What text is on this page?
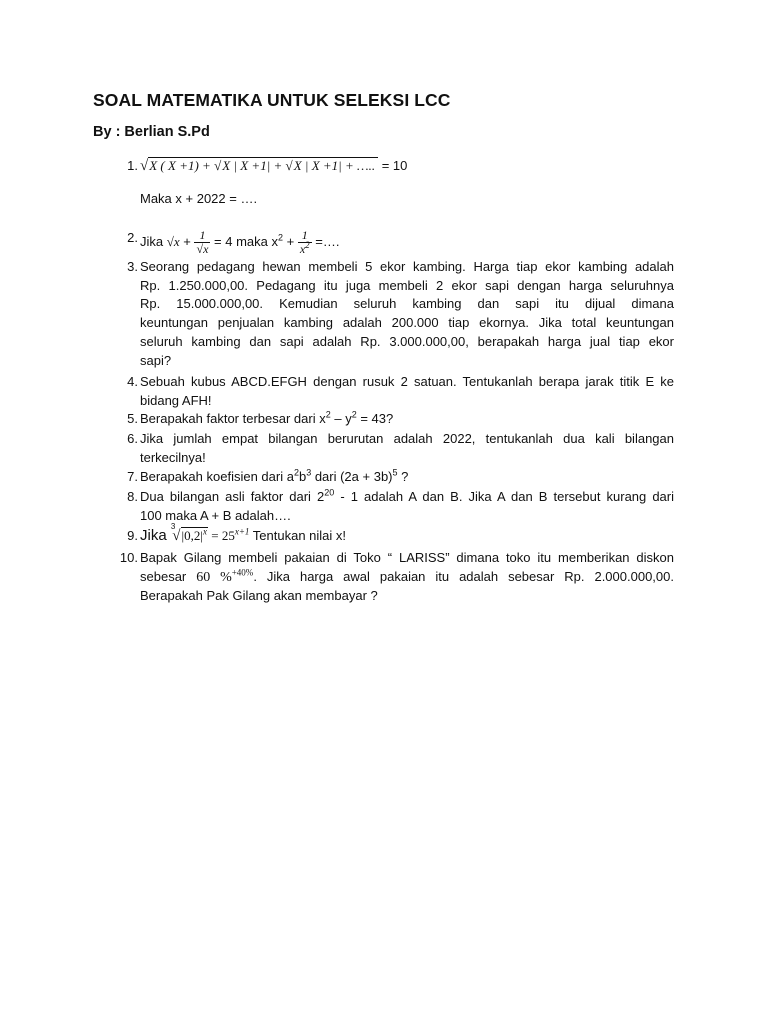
SOAL MATEMATIKA UNTUK SELEKSI LCC
By : Berlian S.Pd
1. √X ( X +1) + √X | X +1| + √X | X +1| + ….. = 10
Maka x + 2022 = ….
2. Jika $√x + \frac{1}{√x} = 4$ maka $x^2 + \frac{1}{x^2}$ =….
3. Seorang pedagang hewan membeli 5 ekor kambing. Harga tiap ekor kambing adalah
Rp. 1.250.000,00. Pedagang itu juga membeli 2 ekor sapi dengan harga seluruhnya
Rp. 15.000.000,00. Kemudian seluruh kambing dan sapi itu dijual dimana
keuntungan penjualan kambing adalah 200.000 tiap ekornya. Jika total keuntungan
seluruh kambing dan sapi adalah Rp. 3.000.000,00, berapakah harga jual tiap ekor
sapi?
4. Sebuah kubus ABCD.EFGH dengan rusuk 2 satuan. Tentukanlah berapa jarak titik E ke
bidang AFH!
5. Berapakah faktor terbesar dari $x^2 - y^2 = 43$?
6. Jika jumlah empat bilangan berurutan adalah 2022, tentukanlah dua kali bilangan
terkecilnya!
7. Berapakah koefisien dari $a^2b^3$ dari $(2a + 3b)^5$ ?
8. Dua bilangan asli faktor dari $2^{20} - 1$ adalah A dan B. Jika A dan B tersebut kurang dari
100 maka A + B adalah….
9. Jika $^3√|0,2|^x = 25^{x+1}$ Tentukan nilai x!
10. Bapak Gilang membeli pakaian di Toko “ LARISS” dimana toko itu memberikan diskon
sebesar 60 %$^{+40\%}$. Jika harga awal pakaian itu adalah sebesar Rp. 2.000.000,00.
Berapakah Pak Gilang akan membayar ?
